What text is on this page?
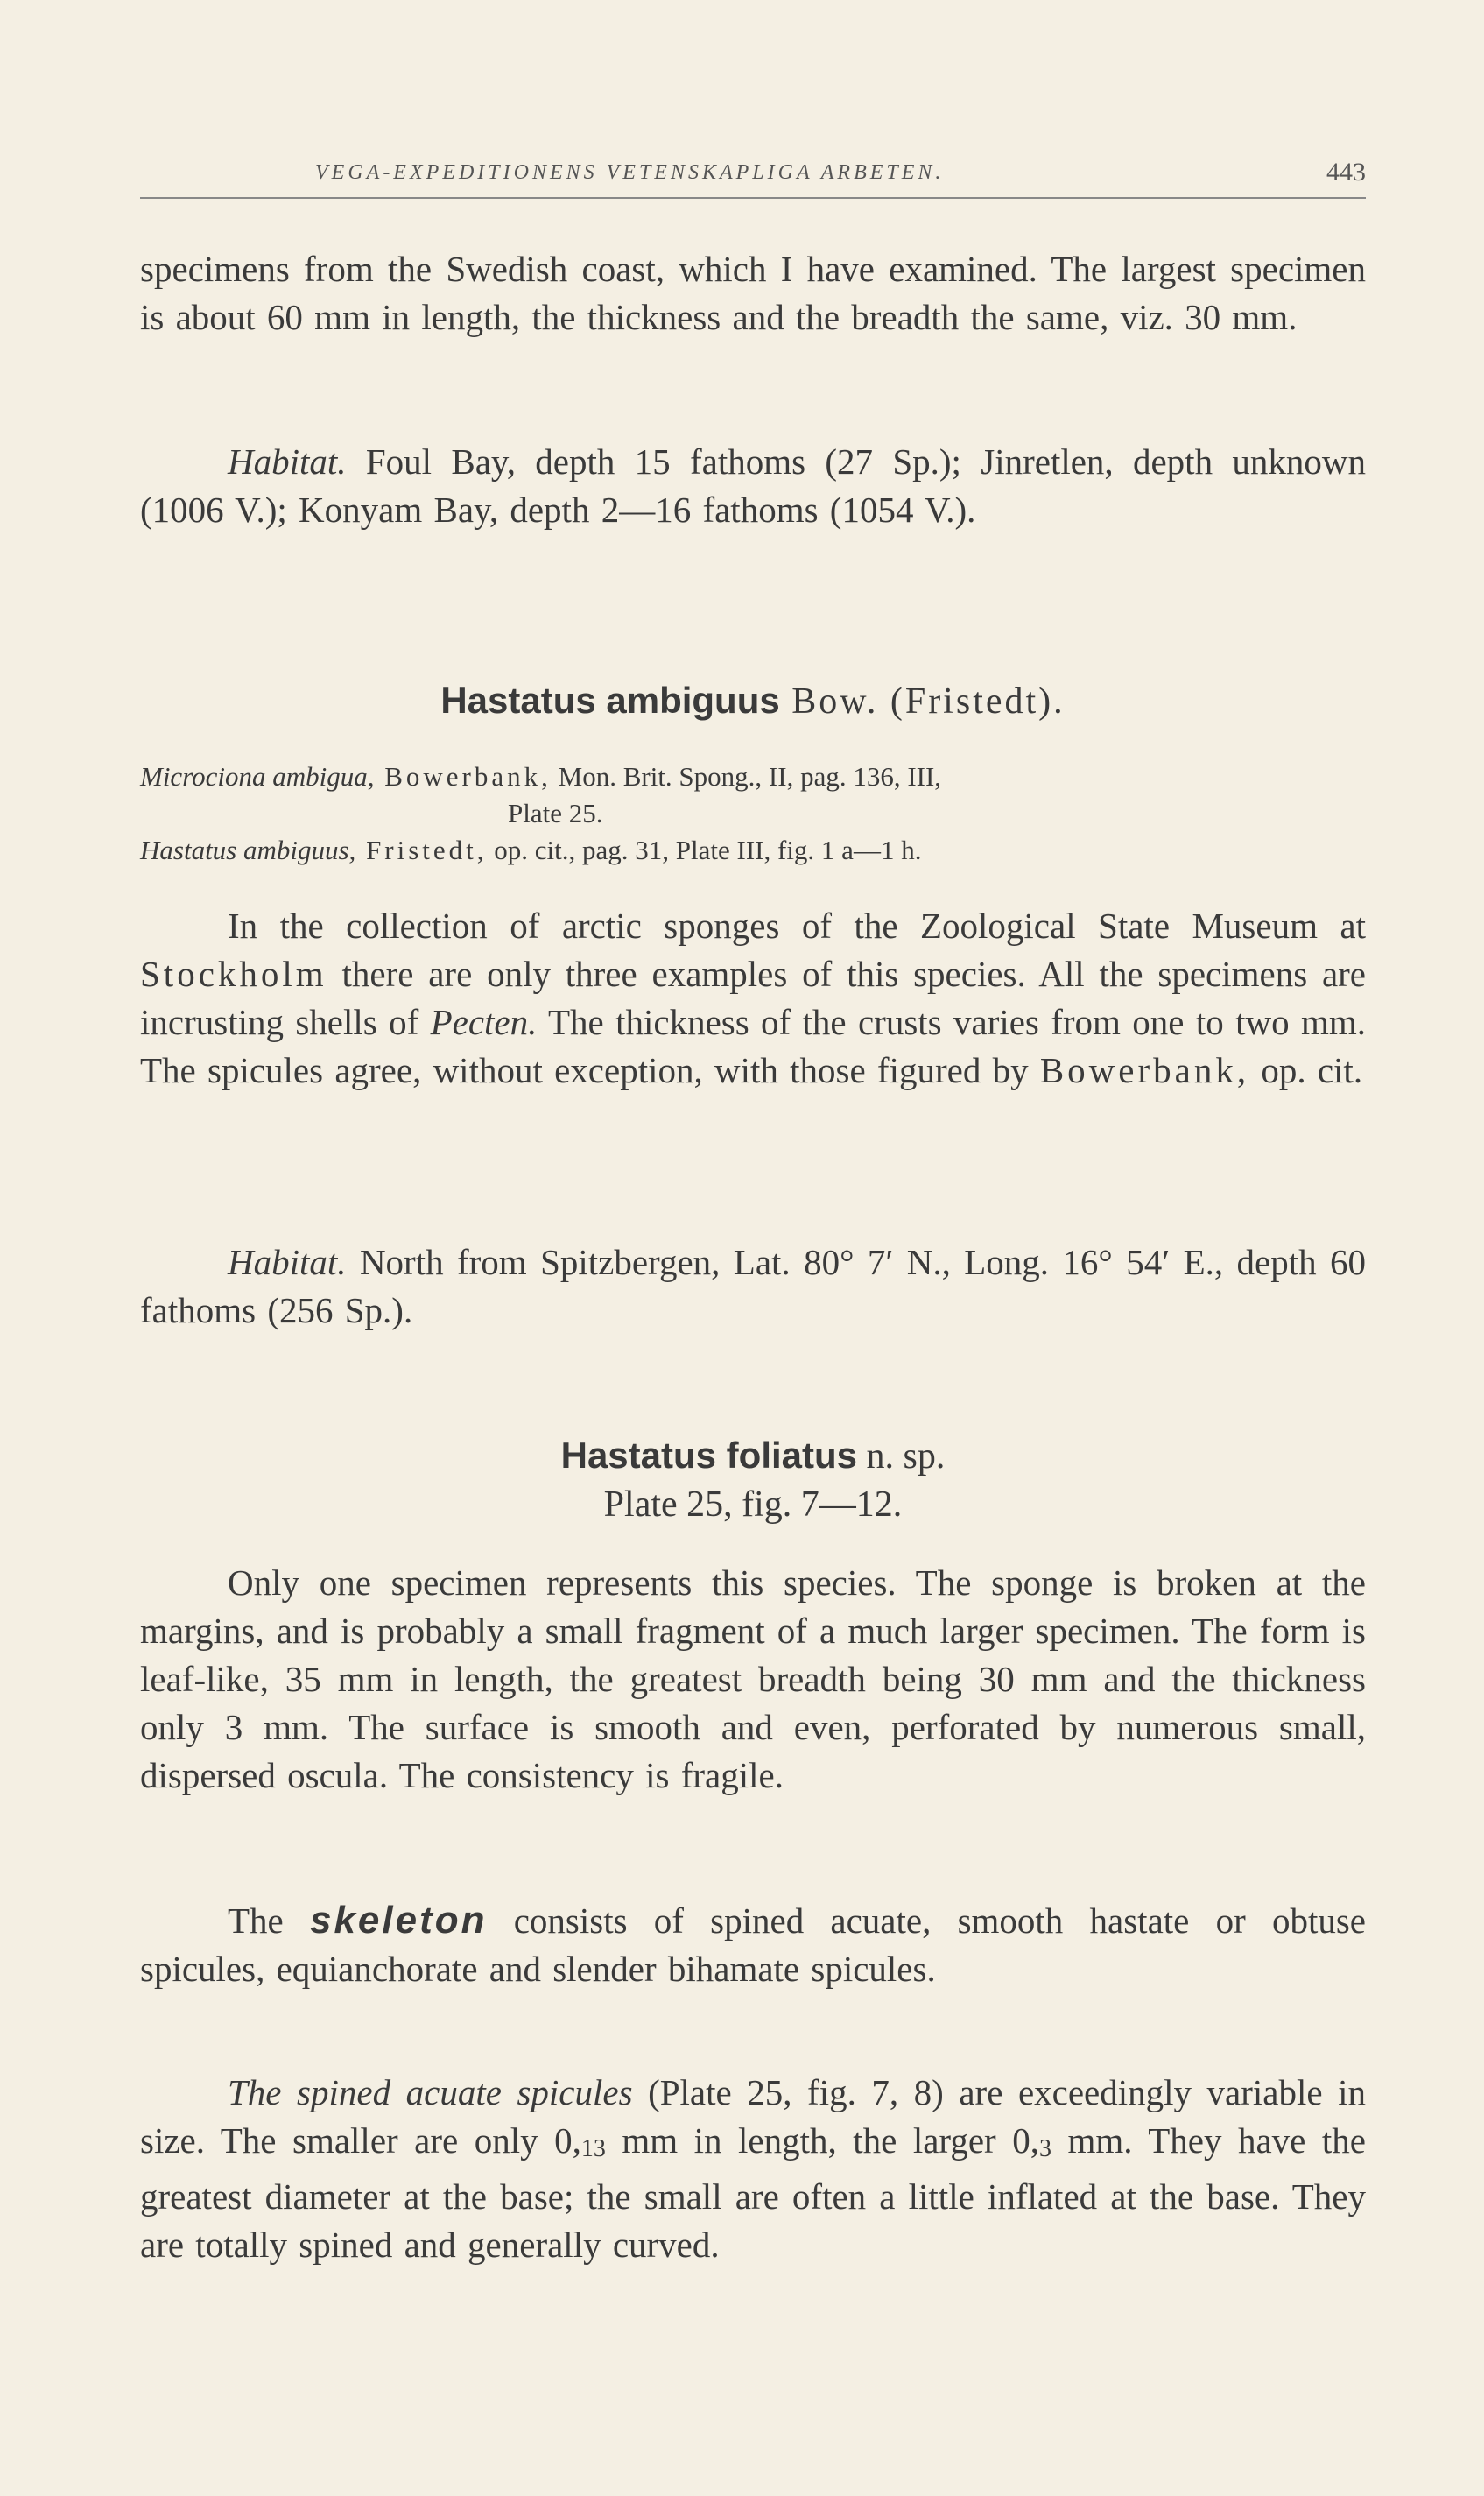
VEGA-EXPEDITIONENS VETENSKAPLIGA ARBETEN.	443

specimens from the Swedish coast, which I have examined. The largest specimen is about 60 mm in length, the thickness and the breadth the same, viz. 30 mm.

Habitat. Foul Bay, depth 15 fathoms (27 Sp.); Jinretlen, depth unknown (1006 V.); Konyam Bay, depth 2—16 fathoms (1054 V.).

Hastatus ambiguus Bow. (Fristedt).
Microciona ambigua, Bowerbank, Mon. Brit. Spong., II, pag. 136, III,
Plate 25.
Hastatus ambiguus, Fristedt, op. cit., pag. 31, Plate III, fig. 1 a—1 h.

In the collection of arctic sponges of the Zoological State Museum at Stockholm there are only three examples of this species. All the specimens are incrusting shells of Pecten. The thickness of the crusts varies from one to two mm. The spicules agree, without exception, with those figured by Bowerbank, op. cit.

Habitat. North from Spitzbergen, Lat. 80° 7′ N., Long. 16° 54′ E., depth 60 fathoms (256 Sp.).

Hastatus foliatus n. sp.
Plate 25, fig. 7—12.

Only one specimen represents this species. The sponge is broken at the margins, and is probably a small fragment of a much larger specimen. The form is leaf-like, 35 mm in length, the greatest breadth being 30 mm and the thickness only 3 mm. The surface is smooth and even, perforated by numerous small, dispersed oscula. The consistency is fragile.

The skeleton consists of spined acuate, smooth hastate or obtuse spicules, equianchorate and slender bihamate spicules.

The spined acuate spicules (Plate 25, fig. 7, 8) are exceedingly variable in size. The smaller are only 0,13 mm in length, the larger 0,3 mm. They have the greatest diameter at the base; the small are often a little inflated at the base. They are totally spined and generally curved.
